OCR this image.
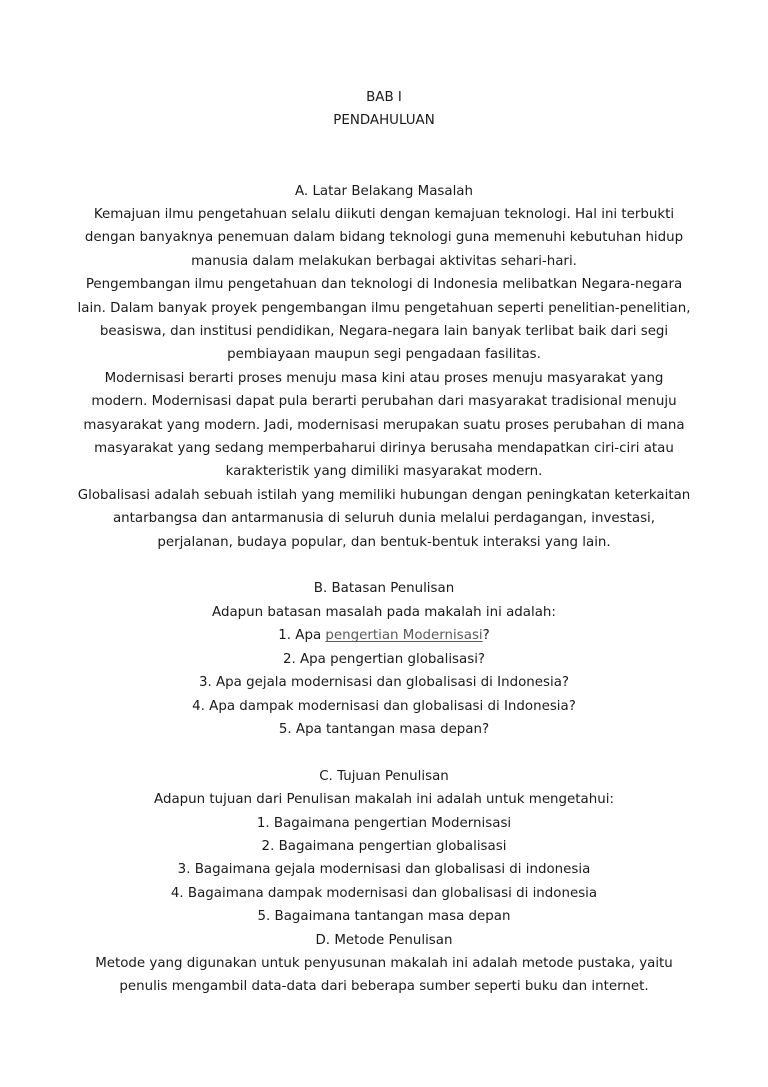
BAB I
PENDAHULUAN
A. Latar Belakang Masalah
Kemajuan ilmu pengetahuan selalu diikuti dengan kemajuan teknologi. Hal ini terbukti
dengan banyaknya penemuan dalam bidang teknologi guna memenuhi kebutuhan hidup
manusia dalam melakukan berbagai aktivitas sehari-hari.
Pengembangan ilmu pengetahuan dan teknologi di Indonesia melibatkan Negara-negara
lain. Dalam banyak proyek pengembangan ilmu pengetahuan seperti penelitian-penelitian,
beasiswa, dan institusi pendidikan, Negara-negara lain banyak terlibat baik dari segi
pembiayaan maupun segi pengadaan fasilitas.
Modernisasi berarti proses menuju masa kini atau proses menuju masyarakat yang
modern. Modernisasi dapat pula berarti perubahan dari masyarakat tradisional menuju
masyarakat yang modern. Jadi, modernisasi merupakan suatu proses perubahan di mana
masyarakat yang sedang memperbaharui dirinya berusaha mendapatkan ciri-ciri atau
karakteristik yang dimiliki masyarakat modern.
Globalisasi adalah sebuah istilah yang memiliki hubungan dengan peningkatan keterkaitan
antarbangsa dan antarmanusia di seluruh dunia melalui perdagangan, investasi,
perjalanan, budaya popular, dan bentuk-bentuk interaksi yang lain.
B. Batasan Penulisan
Adapun batasan masalah pada makalah ini adalah:
1. Apa pengertian Modernisasi?
2. Apa pengertian globalisasi?
3. Apa gejala modernisasi dan globalisasi di Indonesia?
4. Apa dampak modernisasi dan globalisasi di Indonesia?
5. Apa tantangan masa depan?
C. Tujuan Penulisan
Adapun tujuan dari Penulisan makalah ini adalah untuk mengetahui:
1. Bagaimana pengertian Modernisasi
2. Bagaimana pengertian globalisasi
3. Bagaimana gejala modernisasi dan globalisasi di indonesia
4. Bagaimana dampak modernisasi dan globalisasi di indonesia
5. Bagaimana tantangan masa depan
D. Metode Penulisan
Metode yang digunakan untuk penyusunan makalah ini adalah metode pustaka, yaitu
penulis mengambil data-data dari beberapa sumber seperti buku dan internet.
